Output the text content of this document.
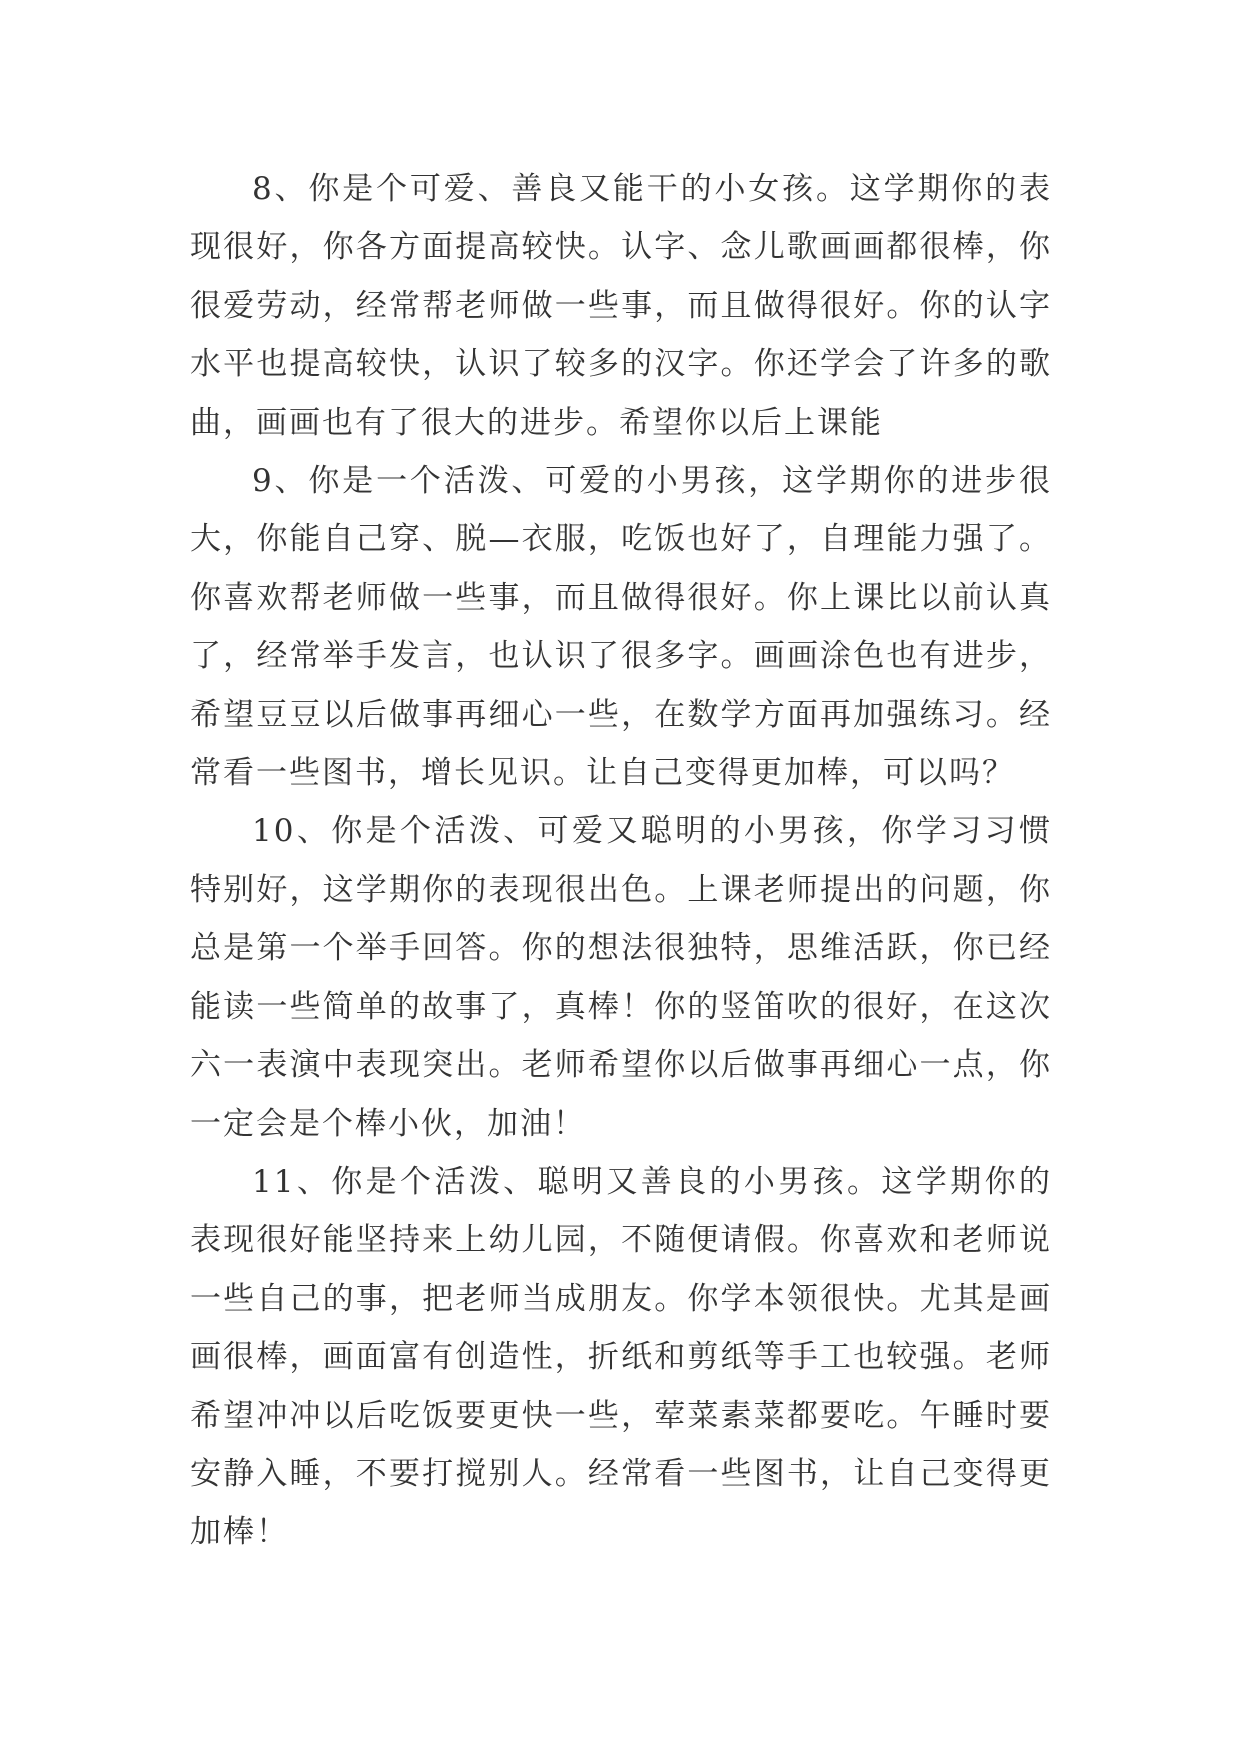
8、你是个可爱、善良又能干的小女孩。这学期你的表现很好，你各方面提高较快。认字、念儿歌画画都很棒，你很爱劳动，经常帮老师做一些事，而且做得很好。你的认字水平也提高较快，认识了较多的汉字。你还学会了许多的歌曲，画画也有了很大的进步。希望你以后上课能

9、你是一个活泼、可爱的小男孩，这学期你的进步很大，你能自己穿、脱—衣服，吃饭也好了，自理能力强了。你喜欢帮老师做一些事，而且做得很好。你上课比以前认真了，经常举手发言，也认识了很多字。画画涂色也有进步，希望豆豆以后做事再细心一些，在数学方面再加强练习。经常看一些图书，增长见识。让自己变得更加棒，可以吗？

10、你是个活泼、可爱又聪明的小男孩，你学习习惯特别好，这学期你的表现很出色。上课老师提出的问题，你总是第一个举手回答。你的想法很独特，思维活跃，你已经能读一些简单的故事了，真棒！你的竖笛吹的很好，在这次六一表演中表现突出。老师希望你以后做事再细心一点，你一定会是个棒小伙，加油！

11、你是个活泼、聪明又善良的小男孩。这学期你的表现很好能坚持来上幼儿园，不随便请假。你喜欢和老师说一些自己的事，把老师当成朋友。你学本领很快。尤其是画画很棒，画面富有创造性，折纸和剪纸等手工也较强。老师希望冲冲以后吃饭要更快一些，荤菜素菜都要吃。午睡时要安静入睡，不要打搅别人。经常看一些图书，让自己变得更加棒！
